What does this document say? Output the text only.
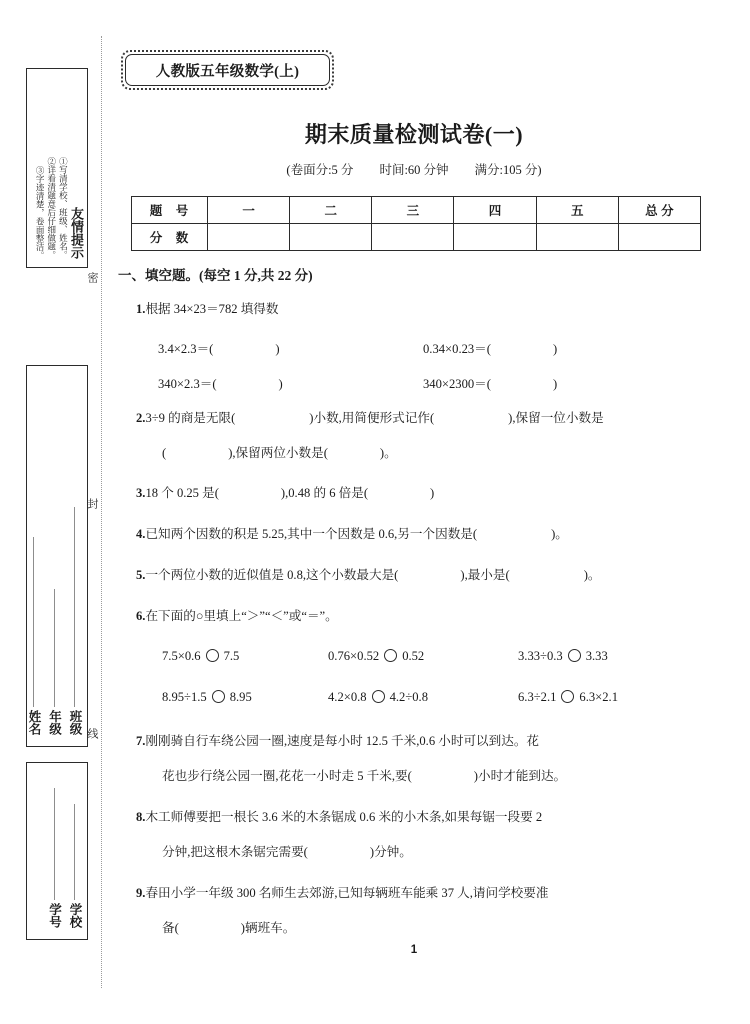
友情提示
①写清学校、班级、姓名。
②详看清题意后仔细做题。
③字迹清楚，卷面整洁。
班级
年级
姓名
学校
学号
密
封
线
人教版五年级数学(上)
期末质量检测试卷(一)
(卷面分:5 分 时间:60 分钟 满分:105 分)
题 号	一	二	三	四	五	总 分
分 数						
一、填空题。(每空 1 分,共 22 分)
1.根据 34×23＝782 填得数
3.4×2.3＝(	)	0.34×0.23＝(	)
340×2.3＝(	)	340×2300＝(	)
2.3÷9 的商是无限(	)小数,用简便形式记作(	),保留一位小数是
(	),保留两位小数是(	)。
3.18 个 0.25 是(	),0.48 的 6 倍是(	)
4.已知两个因数的积是 5.25,其中一个因数是 0.6,另一个因数是(	)。
5.一个两位小数的近似值是 0.8,这个小数最大是(	),最小是(	)。
6.在下面的○里填上“＞”“＜”或“＝”。
7.5×0.6 7.5	0.76×0.52 0.52	3.33÷0.3 3.33
8.95÷1.5 8.95	4.2×0.8 4.2÷0.8	6.3÷2.1 6.3×2.1
7.刚刚骑自行车绕公园一圈,速度是每小时 12.5 千米,0.6 小时可以到达。花
花也步行绕公园一圈,花花一小时走 5 千米,要(	)小时才能到达。
8.木工师傅要把一根长 3.6 米的木条锯成 0.6 米的小木条,如果每锯一段要 2
分钟,把这根木条锯完需要(	)分钟。
9.春田小学一年级 300 名师生去郊游,已知每辆班车能乘 37 人,请问学校要准
备(	)辆班车。
1
